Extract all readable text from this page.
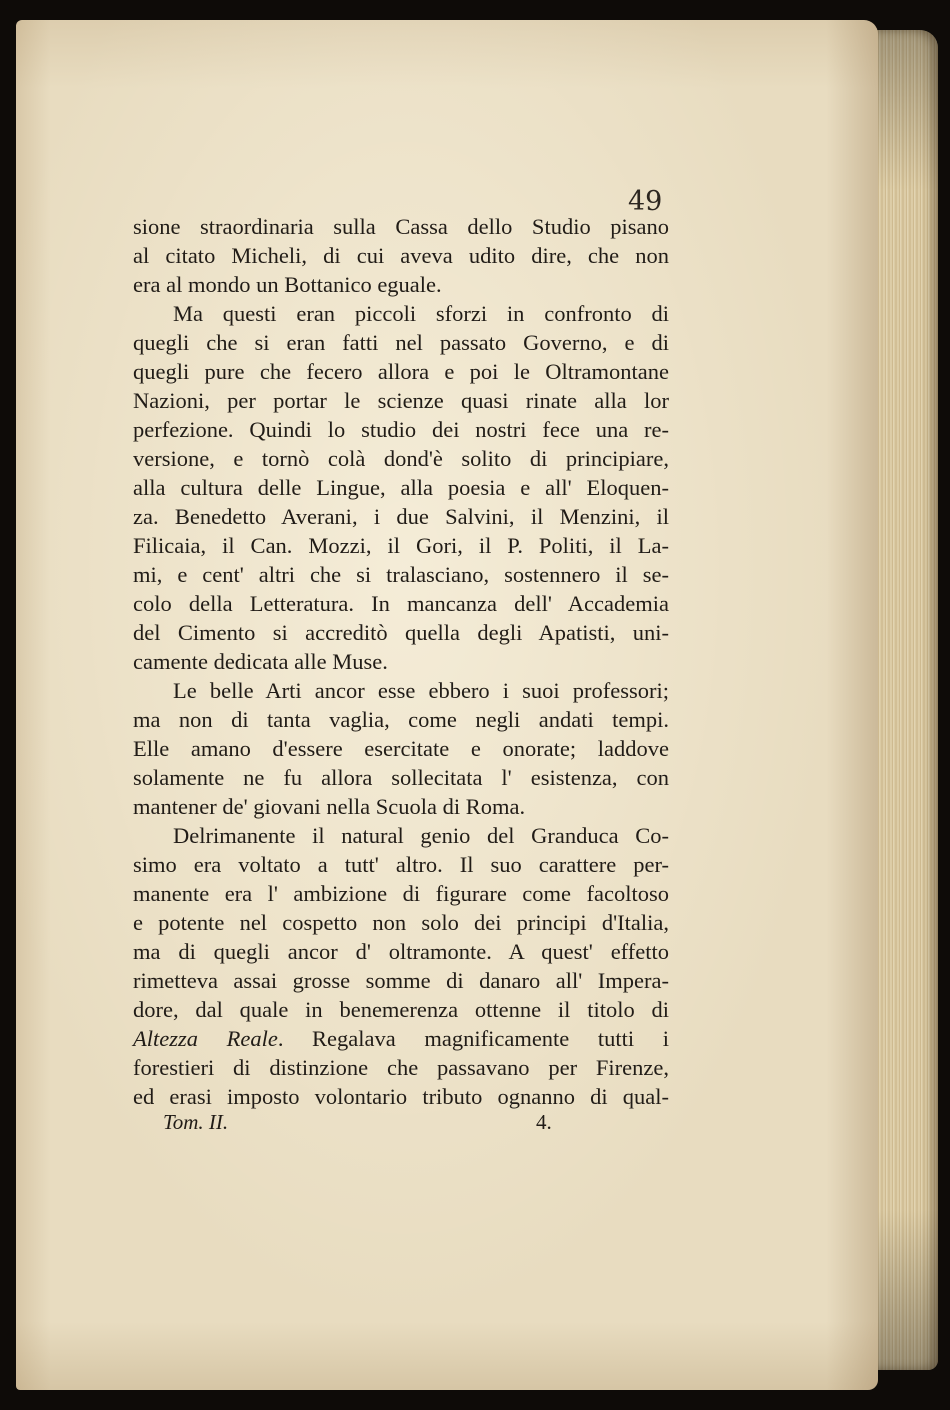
49
sione straordinaria sulla Cassa dello Studio pisano
al citato Micheli, di cui aveva udito dire, che non
era al mondo un Bottanico eguale.
Ma questi eran piccoli sforzi in confronto di
quegli che si eran fatti nel passato Governo, e di
quegli pure che fecero allora e poi le Oltramontane
Nazioni, per portar le scienze quasi rinate alla lor
perfezione. Quindi lo studio dei nostri fece una re-
versione, e tornò colà dond'è solito di principiare,
alla cultura delle Lingue, alla poesia e all' Eloquen-
za. Benedetto Averani, i due Salvini, il Menzini, il
Filicaia, il Can. Mozzi, il Gori, il P. Politi, il La-
mi, e cent' altri che si tralasciano, sostennero il se-
colo della Letteratura. In mancanza dell' Accademia
del Cimento si accreditò quella degli Apatisti, uni-
camente dedicata alle Muse.
Le belle Arti ancor esse ebbero i suoi professori;
ma non di tanta vaglia, come negli andati tempi.
Elle amano d'essere esercitate e onorate; laddove
solamente ne fu allora sollecitata l' esistenza, con
mantener de' giovani nella Scuola di Roma.
Delrimanente il natural genio del Granduca Co-
simo era voltato a tutt' altro. Il suo carattere per-
manente era l' ambizione di figurare come facoltoso
e potente nel cospetto non solo dei principi d'Italia,
ma di quegli ancor d' oltramonte. A quest' effetto
rimetteva assai grosse somme di danaro all' Impera-
dore, dal quale in benemerenza ottenne il titolo di
Altezza Reale. Regalava magnificamente tutti i
forestieri di distinzione che passavano per Firenze,
ed erasi imposto volontario tributo ognanno di qual-
Tom. II.	4.
